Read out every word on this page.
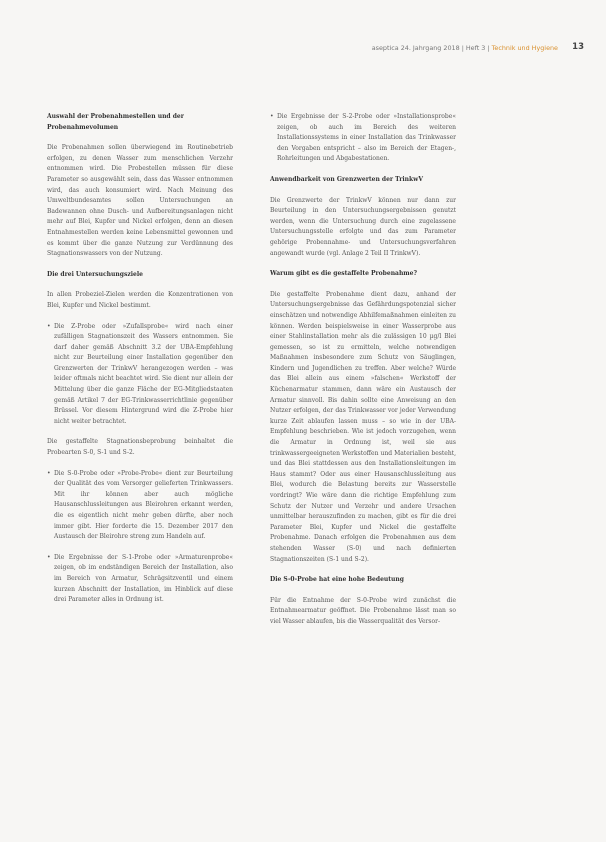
aseptica 24. Jahrgang 2018 | Heft 3 | Technik und Hygiene 13
Auswahl der Probenahmestellen und der Probenahmevolumen

Die Probenahmen sollen überwiegend im Routinebetrieb erfolgen, zu denen Wasser zum menschlichen Verzehr entnommen wird. Die Probestellen müssen für diese Parameter so ausgewählt sein, dass das Wasser entnommen wird, das auch konsumiert wird. Nach Meinung des Umweltbundesamtes sollen Untersuchungen an Badewannen ohne Dusch- und Aufbereitungsanlagen nicht mehr auf Blei, Kupfer und Nickel erfolgen, denn an diesen Entnahmestellen werden keine Lebensmittel gewonnen und es kommt über die ganze Nutzung zur Verdünnung des Stagnationswassers von der Nutzung.

Die drei Untersuchungsziele

In allen Probeziel-Zielen werden die Konzentrationen von Blei, Kupfer und Nickel bestimmt.

• Die Z-Probe oder »Zufallsprobe« wird nach einer zufälligen Stagnationszeit des Wassers entnommen. Sie darf daher gemäß Abschnitt 3.2 der UBA-Empfehlung nicht zur Beurteilung einer Installation gegenüber den Grenzwerten der TrinkwV herangezogen werden – was leider oftmals nicht beachtet wird. Sie dient nur allein der Mittelung über die ganze Fläche der EG-Mitgliedstaaten gemäß Artikel 7 der EG-Trinkwasserrichtlinie gegenüber Brüssel. Vor diesem Hintergrund wird die Z-Probe hier nicht weiter betrachtet.

Die gestaffelte Stagnationsbeprobung beinhaltet die Probearten S-0, S-1 und S-2.

• Die S-0-Probe oder »Probe-Probe« dient zur Beurteilung der Qualität des vom Versorger gelieferten Trinkwassers. Mit ihr können aber auch mögliche Hausanschlussleitungen aus Bleirohren erkannt werden, die es eigentlich nicht mehr geben dürfte, aber noch immer gibt. Hier forderte die 15. Dezember 2017 den Austausch der Bleirohre streng zum Handeln auf.
• Die Ergebnisse der S-1-Probe oder »Armaturenprobe« zeigen, ob im endständigen Bereich der Installation, also im Bereich von Armatur, Schrägsitzventil und einem kurzen Abschnitt der Installation, im Hinblick auf diese drei Parameter alles in Ordnung ist.
• Die Ergebnisse der S-2-Probe oder »Installationsprobe« zeigen, ob auch im Bereich des weiteren Installationssystems in einer Installation das Trinkwasser den Vorgaben entspricht – also im Bereich der Etagen-, Rohrleitungen und Abgabestationen.
Anwendbarkeit von Grenzwerten der TrinkwV

Die Grenzwerte der TrinkwV können nur dann zur Beurteilung in den Untersuchungsergebnissen genutzt werden, wenn die Untersuchung durch eine zugelassene Untersuchungsstelle erfolgte und das zum Parameter gehörige Probennahme- und Untersuchungsverfahren angewandt wurde (vgl. Anlage 2 Teil II TrinkwV).

Warum gibt es die gestaffelte Probenahme?

Die gestaffelte Probenahme dient dazu, anhand der Untersuchungsergebnisse das Gefährdungspotenzial sicher einschätzen und notwendige Abhilfemaßnahmen einleiten zu können. Werden beispielsweise in einer Wasserprobe aus einer Stahlinstallation mehr als die zulässigen 10 µg/l Blei gemessen, so ist zu ermitteln, welche notwendigen Maßnahmen insbesondere zum Schutz von Säuglingen, Kindern und Jugendlichen zu treffen. Aber welche? Würde das Blei allein aus einem »falschen« Werkstoff der Küchenarmatur stammen, dann wäre ein Austausch der Armatur sinnvoll. Bis dahin sollte eine Anweisung an den Nutzer erfolgen, der das Trinkwasser vor jeder Verwendung kurze Zeit ablaufen lassen muss – so wie in der UBA-Empfehlung beschrieben. Wie ist jedoch vorzugehen, wenn die Armatur in Ordnung ist, weil sie aus trinkwassergeeigneten Werkstoffen und Materialien besteht, und das Blei stattdessen aus den Installationsleitungen im Haus stammt? Oder aus einer Hausanschlussleitung aus Blei, wodurch die Belastung bereits zur Wasserstelle vordringt? Wie wäre dann die richtige Empfehlung zum Schutz der Nutzer und Verzehr und andere Ursachen unmittelbar herauszufinden zu machen, gibt es für die drei Parameter Blei, Kupfer und Nickel die gestaffelte Probenahme. Danach erfolgen die Probenahmen aus dem stehenden Wasser (S-0) und nach definierten Stagnationszeiten (S-1 und S-2).

Die S-0-Probe hat eine hohe Bedeutung

Für die Entnahme der S-0-Probe wird zunächst die Entnahmearmatur geöffnet. Die Probenahme lässt man so viel Wasser ablaufen, bis die Wasserqualität des Versor-
